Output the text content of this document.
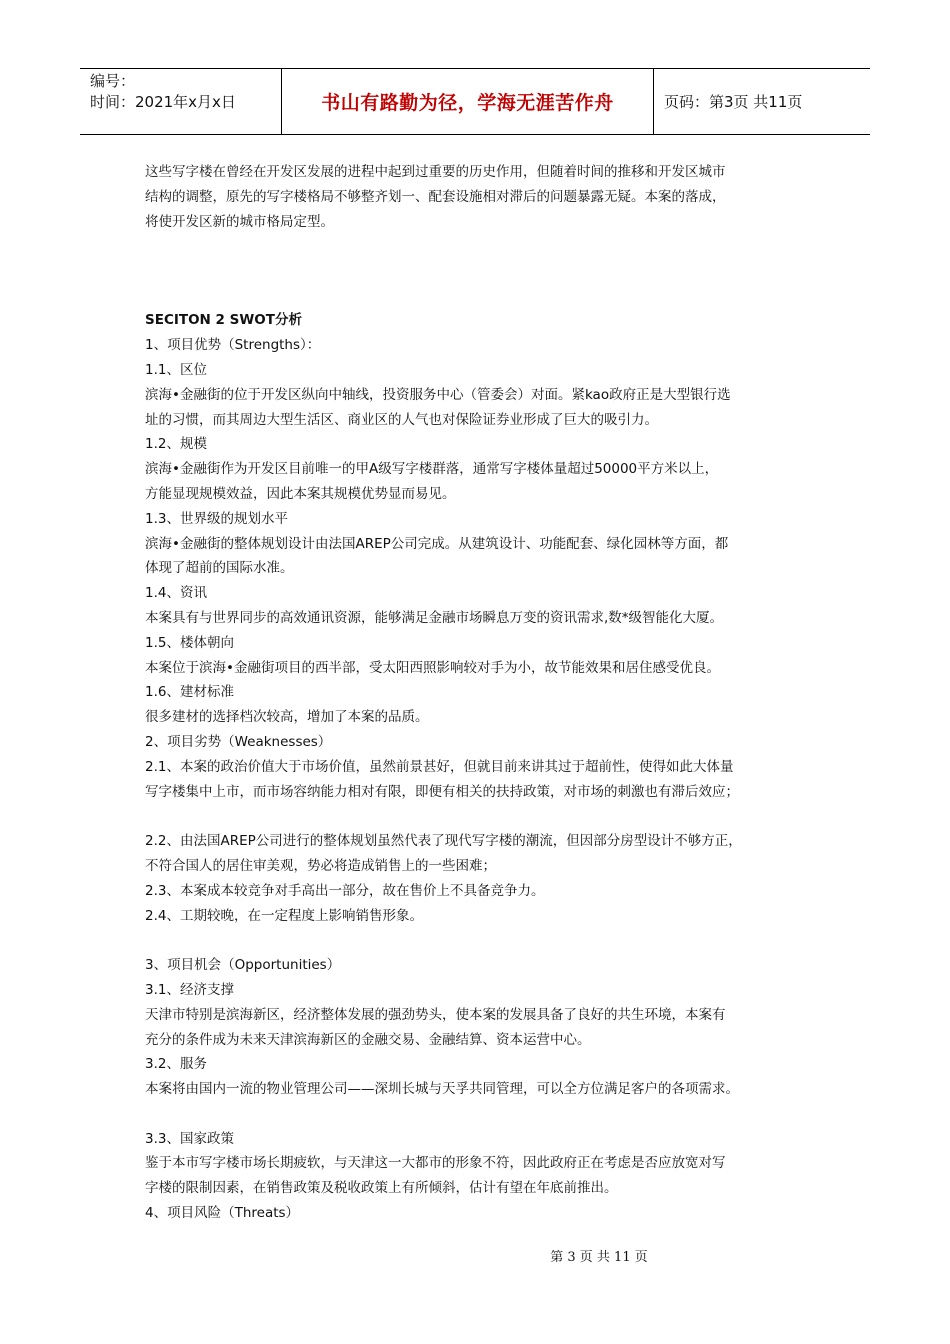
编号：
时间：2021年x月x日	书山有路勤为径，学海无涯苦作舟	页码：第3页 共11页

这些写字楼在曾经在开发区发展的进程中起到过重要的历史作用，但随着时间的推移和开发区城市

结构的调整，原先的写字楼格局不够整齐划一、配套设施相对滞后的问题暴露无疑。本案的落成，

将使开发区新的城市格局定型。

SECITON 2 SWOT分析

1、项目优势（Strengths）：

1.1、区位

滨海•金融街的位于开发区纵向中轴线，投资服务中心（管委会）对面。紧kao政府正是大型银行选

址的习惯，而其周边大型生活区、商业区的人气也对保险证券业形成了巨大的吸引力。

1.2、规模

滨海•金融街作为开发区目前唯一的甲A级写字楼群落，通常写字楼体量超过50000平方米以上，

方能显现规模效益，因此本案其规模优势显而易见。

1.3、世界级的规划水平

滨海•金融街的整体规划设计由法国AREP公司完成。从建筑设计、功能配套、绿化园林等方面，都

体现了超前的国际水准。

1.4、资讯

本案具有与世界同步的高效通讯资源，能够满足金融市场瞬息万变的资讯需求,数*级智能化大厦。

1.5、楼体朝向

本案位于滨海•金融街项目的西半部，受太阳西照影响较对手为小，故节能效果和居住感受优良。

1.6、建材标准

很多建材的选择档次较高，增加了本案的品质。

2、项目劣势（Weaknesses）

2.1、本案的政治价值大于市场价值，虽然前景甚好，但就目前来讲其过于超前性，使得如此大体量

写字楼集中上市，而市场容纳能力相对有限，即便有相关的扶持政策，对市场的刺激也有滞后效应；

2.2、由法国AREP公司进行的整体规划虽然代表了现代写字楼的潮流，但因部分房型设计不够方正，

不符合国人的居住审美观，势必将造成销售上的一些困难；

2.3、本案成本较竞争对手高出一部分，故在售价上不具备竞争力。

2.4、工期较晚，在一定程度上影响销售形象。

3、项目机会（Opportunities）

3.1、经济支撑

天津市特别是滨海新区，经济整体发展的强劲势头，使本案的发展具备了良好的共生环境，本案有

充分的条件成为未来天津滨海新区的金融交易、金融结算、资本运营中心。

3.2、服务

本案将由国内一流的物业管理公司——深圳长城与天孚共同管理，可以全方位满足客户的各项需求。

3.3、国家政策

鉴于本市写字楼市场长期疲软，与天津这一大都市的形象不符，因此政府正在考虑是否应放宽对写

字楼的限制因素，在销售政策及税收政策上有所倾斜，估计有望在年底前推出。

4、项目风险（Threats）

第 3 页 共 11 页
